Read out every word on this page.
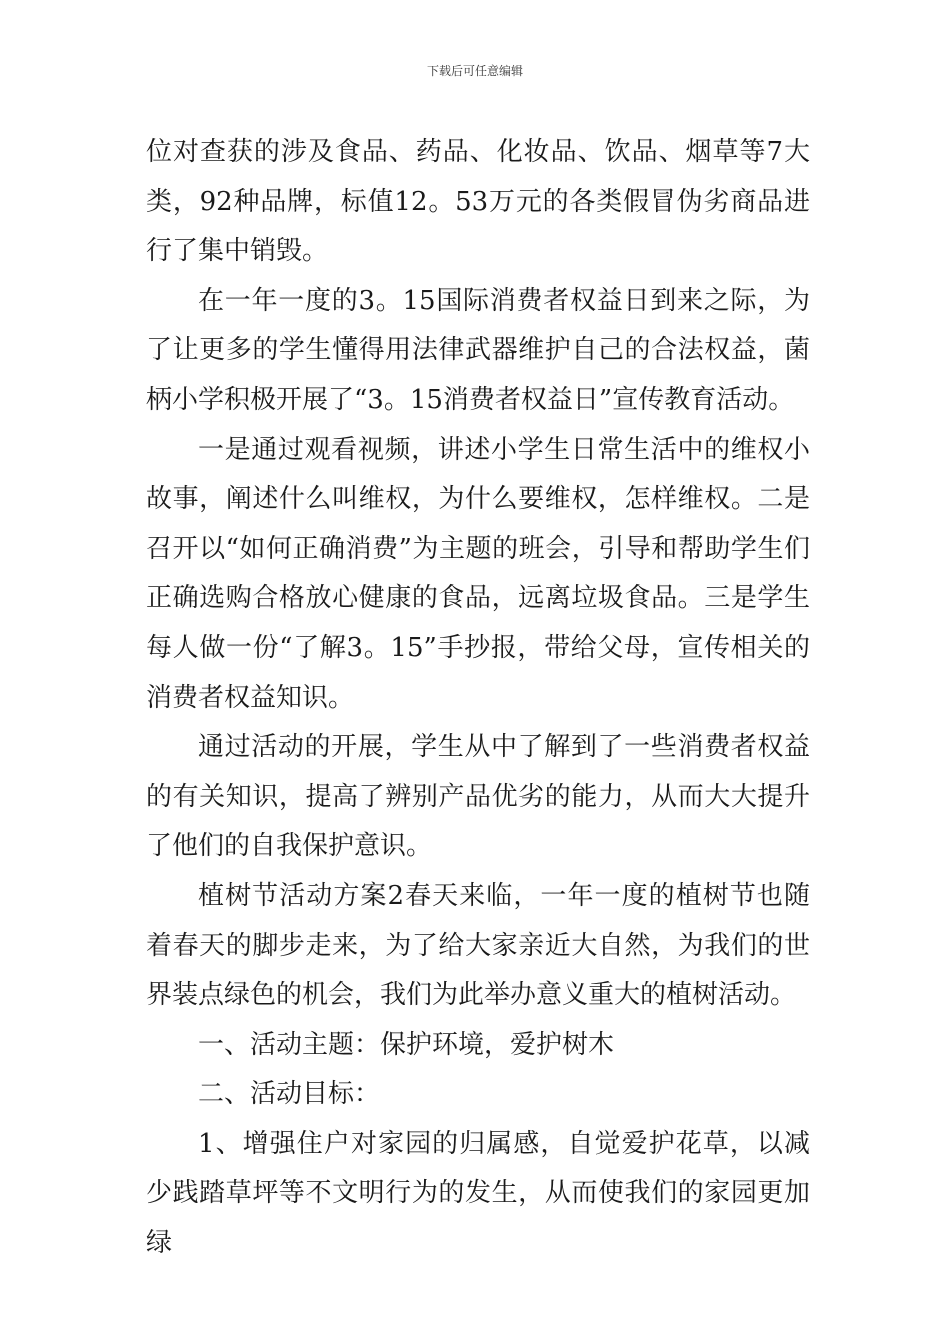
下载后可任意编辑

位对查获的涉及食品、药品、化妆品、饮品、烟草等7大类，92种品牌，标值12。53万元的各类假冒伪劣商品进行了集中销毁。

在一年一度的3。15国际消费者权益日到来之际，为了让更多的学生懂得用法律武器维护自己的合法权益，菌柄小学积极开展了“3。15消费者权益日”宣传教育活动。

一是通过观看视频，讲述小学生日常生活中的维权小故事，阐述什么叫维权，为什么要维权，怎样维权。二是召开以“如何正确消费”为主题的班会，引导和帮助学生们正确选购合格放心健康的食品，远离垃圾食品。三是学生每人做一份“了解3。15”手抄报，带给父母，宣传相关的消费者权益知识。

通过活动的开展，学生从中了解到了一些消费者权益的有关知识，提高了辨别产品优劣的能力，从而大大提升了他们的自我保护意识。

植树节活动方案2春天来临，一年一度的植树节也随着春天的脚步走来，为了给大家亲近大自然，为我们的世界装点绿色的机会，我们为此举办意义重大的植树活动。

一、活动主题：保护环境，爱护树木

二、活动目标：

1、增强住户对家园的归属感，自觉爱护花草，以减少践踏草坪等不文明行为的发生，从而使我们的家园更加绿
